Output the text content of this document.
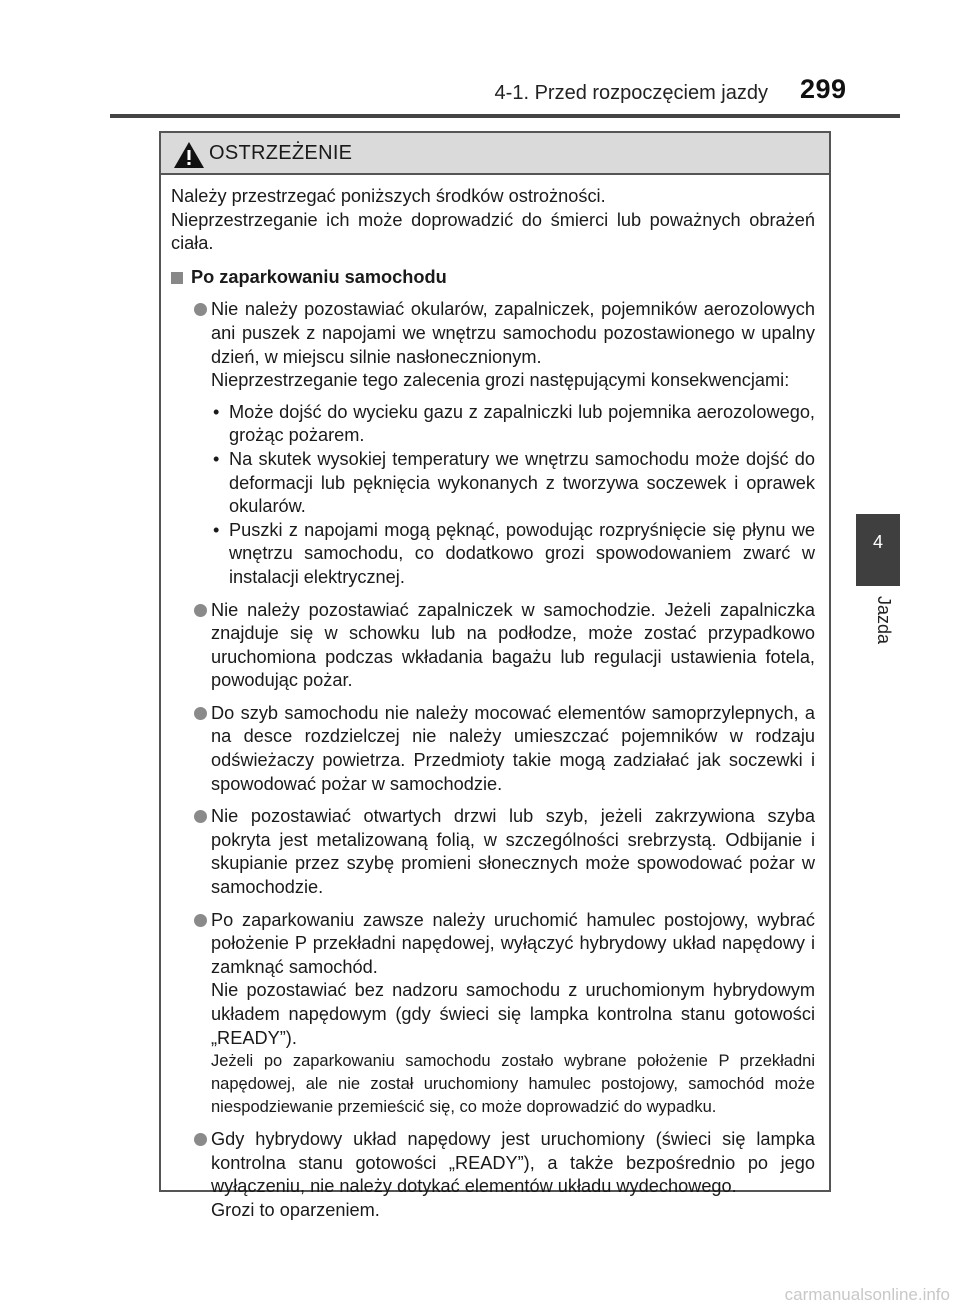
4-1. Przed rozpoczęciem jazdy 299
4
Jazda
OSTRZEŻENIE

Należy przestrzegać poniższych środków ostrożności.

Nieprzestrzeganie ich może doprowadzić do śmierci lub poważnych obrażeń ciała.

Po zaparkowaniu samochodu

Nie należy pozostawiać okularów, zapalniczek, pojemników aerozolowych ani puszek z napojami we wnętrzu samochodu pozostawionego w upalny dzień, w miejscu silnie nasłonecznionym.

Nieprzestrzeganie tego zalecenia grozi następującymi konsekwencjami:

• Może dojść do wycieku gazu z zapalniczki lub pojemnika aerozolowego, grożąc pożarem.

• Na skutek wysokiej temperatury we wnętrzu samochodu może dojść do deformacji lub pęknięcia wykonanych z tworzywa soczewek i oprawek okularów.

• Puszki z napojami mogą pęknąć, powodując rozpryśnięcie się płynu we wnętrzu samochodu, co dodatkowo grozi spowodowaniem zwarć w instalacji elektrycznej.

Nie należy pozostawiać zapalniczek w samochodzie. Jeżeli zapalniczka znajduje się w schowku lub na podłodze, może zostać przypadkowo uruchomiona podczas wkładania bagażu lub regulacji ustawienia fotela, powodując pożar.

Do szyb samochodu nie należy mocować elementów samoprzylepnych, a na desce rozdzielczej nie należy umieszczać pojemników w rodzaju odświeżaczy powietrza. Przedmioty takie mogą zadziałać jak soczewki i spowodować pożar w samochodzie.

Nie pozostawiać otwartych drzwi lub szyb, jeżeli zakrzywiona szyba pokryta jest metalizowaną folią, w szczególności srebrzystą. Odbijanie i skupianie przez szybę promieni słonecznych może spowodować pożar w samochodzie.

Po zaparkowaniu zawsze należy uruchomić hamulec postojowy, wybrać położenie P przekładni napędowej, wyłączyć hybrydowy układ napędowy i zamknąć samochód.

Nie pozostawiać bez nadzoru samochodu z uruchomionym hybrydowym układem napędowym (gdy świeci się lampka kontrolna stanu gotowości „READY”).

Jeżeli po zaparkowaniu samochodu zostało wybrane położenie P przekładni napędowej, ale nie został uruchomiony hamulec postojowy, samochód może niespodziewanie przemieścić się, co może doprowadzić do wypadku.

Gdy hybrydowy układ napędowy jest uruchomiony (świeci się lampka kontrolna stanu gotowości „READY”), a także bezpośrednio po jego wyłączeniu, nie należy dotykać elementów układu wydechowego.

Grozi to oparzeniem.

carmanualsonline.info
